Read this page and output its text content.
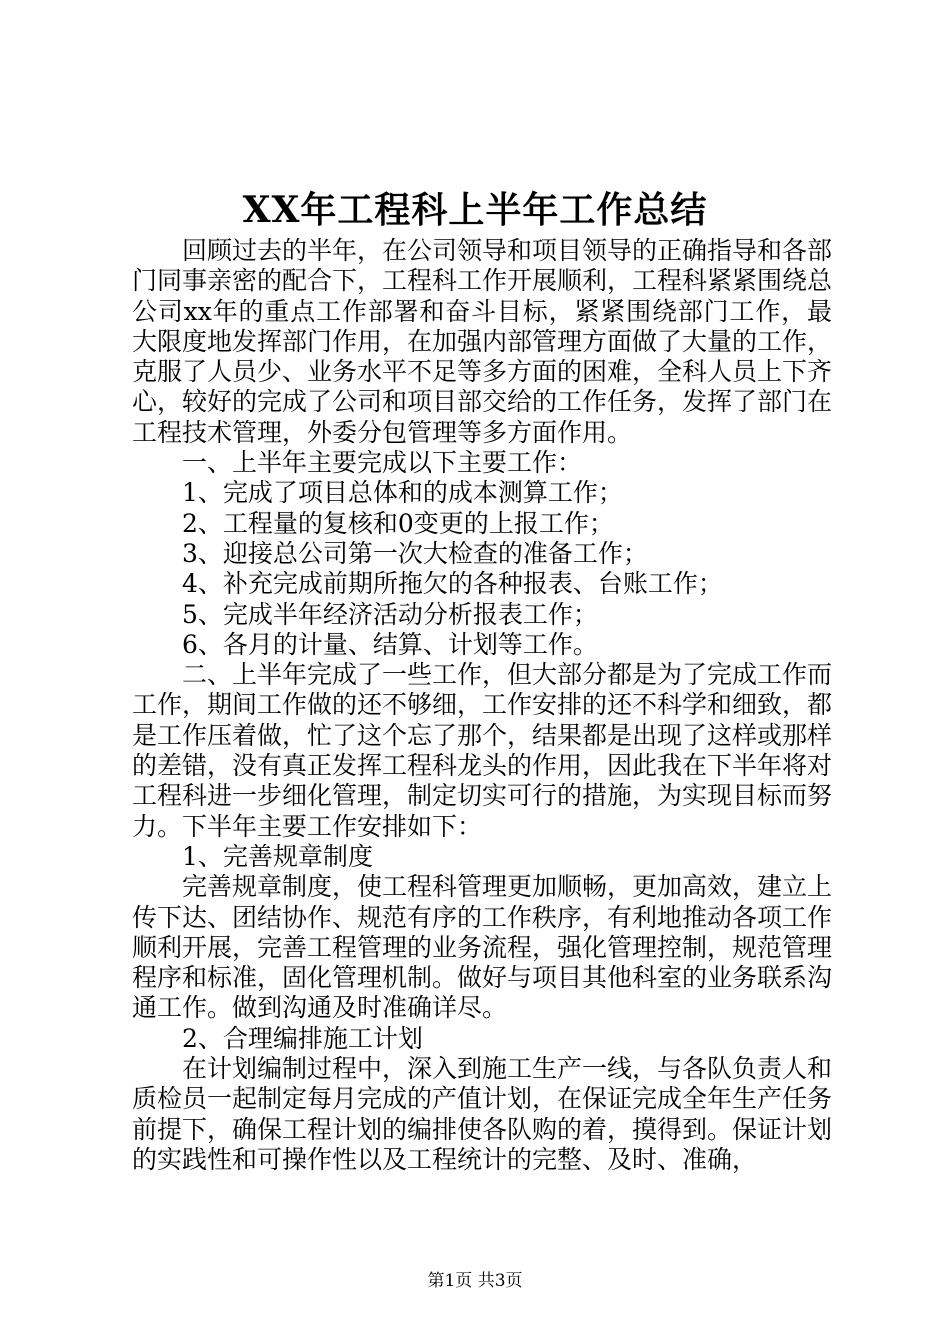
XX年工程科上半年工作总结

回顾过去的半年，在公司领导和项目领导的正确指导和各部门同事亲密的配合下，工程科工作开展顺利，工程科紧紧围绕总公司xx年的重点工作部署和奋斗目标，紧紧围绕部门工作，最大限度地发挥部门作用，在加强内部管理方面做了大量的工作，克服了人员少、业务水平不足等多方面的困难，全科人员上下齐心，较好的完成了公司和项目部交给的工作任务，发挥了部门在工程技术管理，外委分包管理等多方面作用。

一、上半年主要完成以下主要工作：

1、完成了项目总体和的成本测算工作；

2、工程量的复核和0变更的上报工作；

3、迎接总公司第一次大检查的准备工作；

4、补充完成前期所拖欠的各种报表、台账工作；

5、完成半年经济活动分析报表工作；

6、各月的计量、结算、计划等工作。

二、上半年完成了一些工作，但大部分都是为了完成工作而工作，期间工作做的还不够细，工作安排的还不科学和细致，都是工作压着做，忙了这个忘了那个，结果都是出现了这样或那样的差错，没有真正发挥工程科龙头的作用，因此我在下半年将对工程科进一步细化管理，制定切实可行的措施，为实现目标而努力。下半年主要工作安排如下：

1、完善规章制度

完善规章制度，使工程科管理更加顺畅，更加高效，建立上传下达、团结协作、规范有序的工作秩序，有利地推动各项工作顺利开展，完善工程管理的业务流程，强化管理控制，规范管理程序和标准，固化管理机制。做好与项目其他科室的业务联系沟通工作。做到沟通及时准确详尽。

2、合理编排施工计划

在计划编制过程中，深入到施工生产一线，与各队负责人和质检员一起制定每月完成的产值计划，在保证完成全年生产任务前提下，确保工程计划的编排使各队购的着，摸得到。保证计划的实践性和可操作性以及工程统计的完整、及时、准确，

第1页 共3页
